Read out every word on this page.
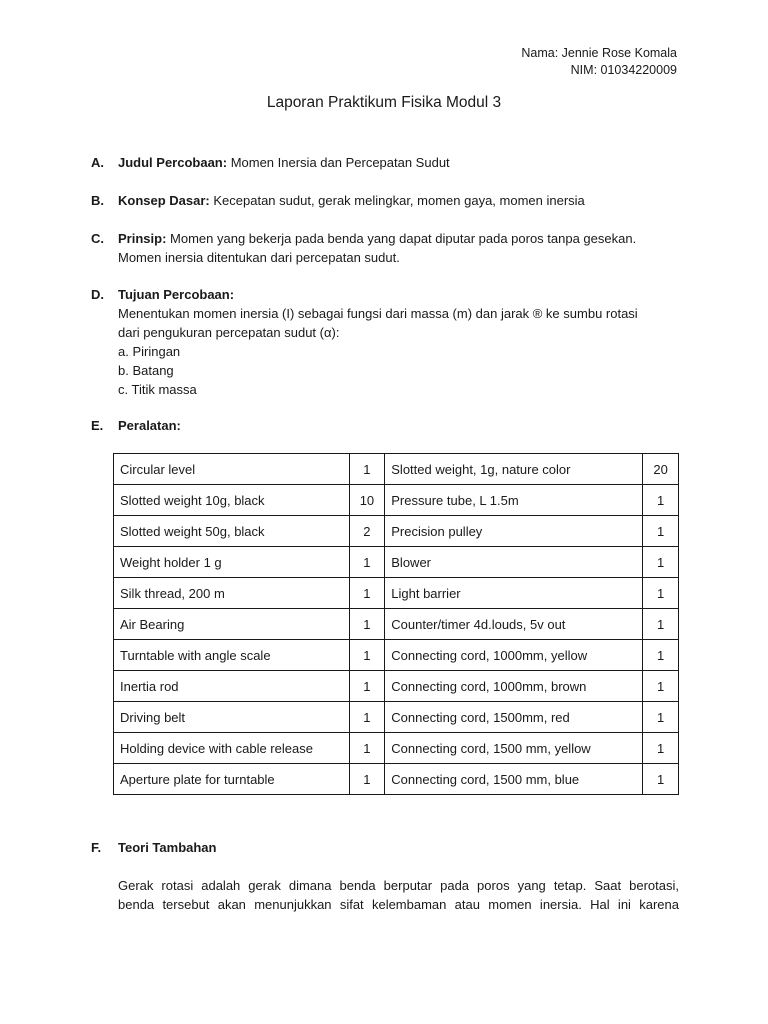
Nama: Jennie Rose Komala
NIM: 01034220009
Laporan Praktikum Fisika Modul 3
A. Judul Percobaan: Momen Inersia dan Percepatan Sudut
B. Konsep Dasar: Kecepatan sudut, gerak melingkar, momen gaya, momen inersia
C. Prinsip: Momen yang bekerja pada benda yang dapat diputar pada poros tanpa gesekan.
Momen inersia ditentukan dari percepatan sudut.
D. Tujuan Percobaan:
Menentukan momen inersia (I) sebagai fungsi dari massa (m) dan jarak ® ke sumbu rotasi
dari pengukuran percepatan sudut (α):
a. Piringan
b. Batang
c. Titik massa
E. Peralatan:
Circular level	1	Slotted weight, 1g, nature color	20
Slotted weight 10g, black	10	Pressure tube, L 1.5m	1
Slotted weight 50g, black	2	Precision pulley	1
Weight holder 1 g	1	Blower	1
Silk thread, 200 m	1	Light barrier	1
Air Bearing	1	Counter/timer 4d.louds, 5v out	1
Turntable with angle scale	1	Connecting cord, 1000mm, yellow	1
Inertia rod	1	Connecting cord, 1000mm, brown	1
Driving belt	1	Connecting cord, 1500mm, red	1
Holding device with cable release	1	Connecting cord, 1500 mm, yellow	1
Aperture plate for turntable	1	Connecting cord, 1500 mm, blue	1
F. Teori Tambahan
Gerak rotasi adalah gerak dimana benda berputar pada poros yang tetap. Saat berotasi,
benda tersebut akan menunjukkan sifat kelembaman atau momen inersia. Hal ini karena
